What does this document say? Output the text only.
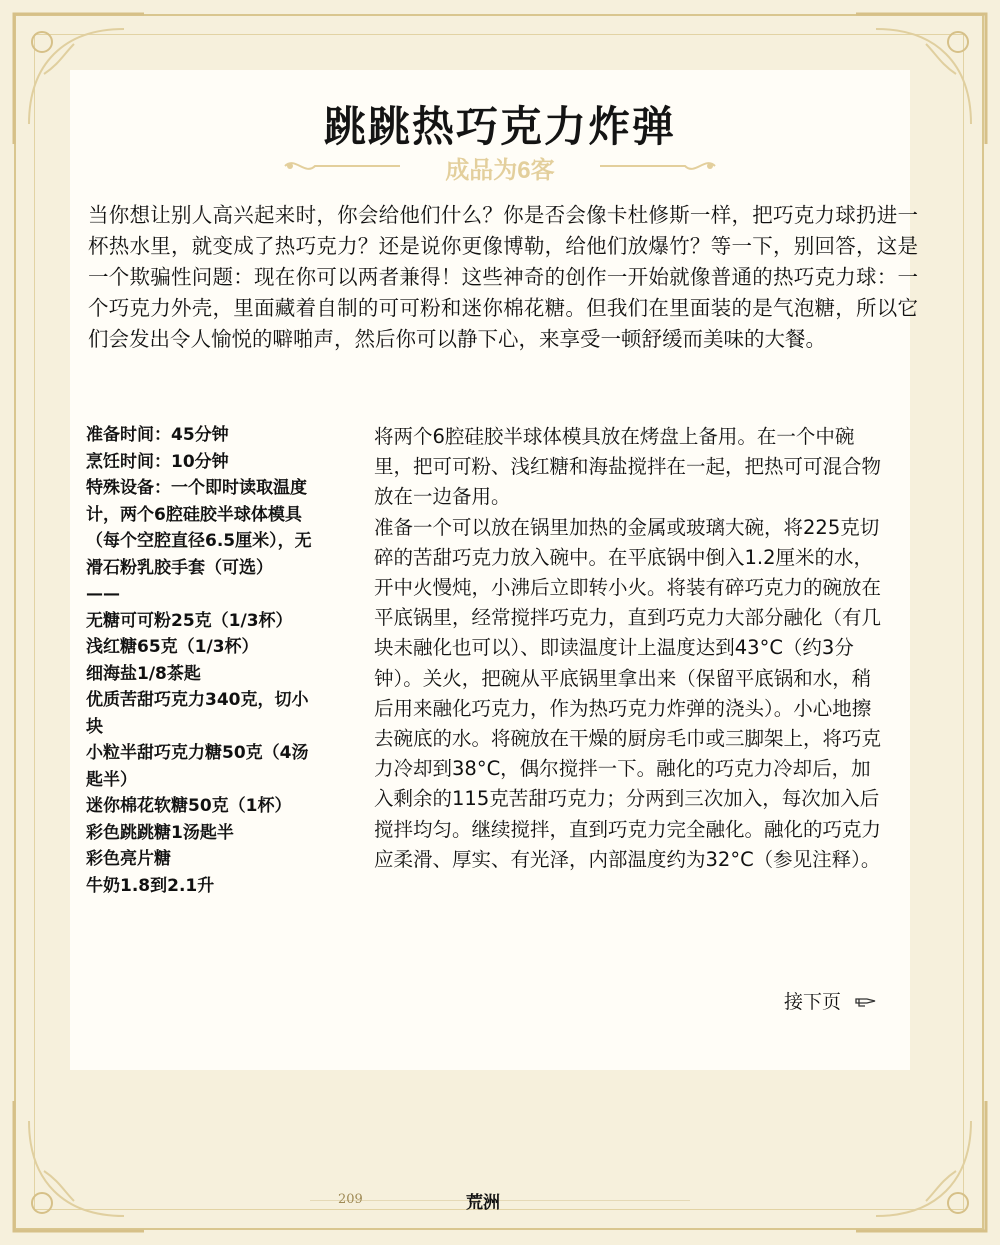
跳跳热巧克力炸弹
成品为6客
当你想让别人高兴起来时，你会给他们什么？你是否会像卡杜修斯一样，把巧克力球扔进一杯热水里，就变成了热巧克力？还是说你更像博勒，给他们放爆竹？等一下，别回答，这是一个欺骗性问题：现在你可以两者兼得！这些神奇的创作一开始就像普通的热巧克力球：一个巧克力外壳，里面藏着自制的可可粉和迷你棉花糖。但我们在里面装的是气泡糖，所以它们会发出令人愉悦的噼啪声，然后你可以静下心，来享受一顿舒缓而美味的大餐。
准备时间：45分钟
烹饪时间：10分钟
特殊设备：一个即时读取温度计，两个6腔硅胶半球体模具（每个空腔直径6.5厘米），无滑石粉乳胶手套（可选）
——
无糖可可粉25克（1/3杯）
浅红糖65克（1/3杯）
细海盐1/8茶匙
优质苦甜巧克力340克，切小块
小粒半甜巧克力糖50克（4汤匙半）
迷你棉花软糖50克（1杯）
彩色跳跳糖1汤匙半
彩色亮片糖
牛奶1.8到2.1升

将两个6腔硅胶半球体模具放在烤盘上备用。在一个中碗里，把可可粉、浅红糖和海盐搅拌在一起，把热可可混合物放在一边备用。

准备一个可以放在锅里加热的金属或玻璃大碗，将225克切碎的苦甜巧克力放入碗中。在平底锅中倒入1.2厘米的水，开中火慢炖，小沸后立即转小火。将装有碎巧克力的碗放在平底锅里，经常搅拌巧克力，直到巧克力大部分融化（有几块未融化也可以）、即读温度计上温度达到43°C（约3分钟）。关火，把碗从平底锅里拿出来（保留平底锅和水，稍后用来融化巧克力，作为热巧克力炸弹的浇头）。小心地擦去碗底的水。将碗放在干燥的厨房毛巾或三脚架上，将巧克力冷却到38°C，偶尔搅拌一下。融化的巧克力冷却后，加入剩余的115克苦甜巧克力；分两到三次加入，每次加入后搅拌均匀。继续搅拌，直到巧克力完全融化。融化的巧克力应柔滑、厚实、有光泽，内部温度约为32°C（参见注释）。

接下页
209	荒洲
